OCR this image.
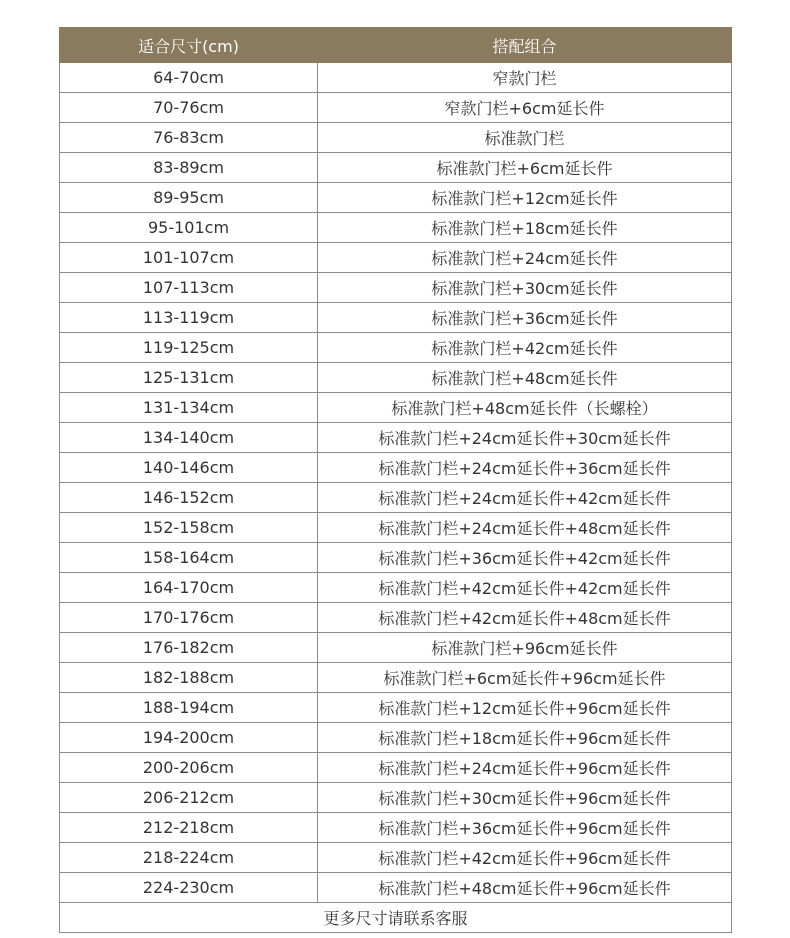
适合尺寸(cm)	搭配组合
64-70cm	窄款门栏
70-76cm	窄款门栏+6cm延长件
76-83cm	标准款门栏
83-89cm	标准款门栏+6cm延长件
89-95cm	标准款门栏+12cm延长件
95-101cm	标准款门栏+18cm延长件
101-107cm	标准款门栏+24cm延长件
107-113cm	标准款门栏+30cm延长件
113-119cm	标准款门栏+36cm延长件
119-125cm	标准款门栏+42cm延长件
125-131cm	标准款门栏+48cm延长件
131-134cm	标准款门栏+48cm延长件（长螺栓）
134-140cm	标准款门栏+24cm延长件+30cm延长件
140-146cm	标准款门栏+24cm延长件+36cm延长件
146-152cm	标准款门栏+24cm延长件+42cm延长件
152-158cm	标准款门栏+24cm延长件+48cm延长件
158-164cm	标准款门栏+36cm延长件+42cm延长件
164-170cm	标准款门栏+42cm延长件+42cm延长件
170-176cm	标准款门栏+42cm延长件+48cm延长件
176-182cm	标准款门栏+96cm延长件
182-188cm	标准款门栏+6cm延长件+96cm延长件
188-194cm	标准款门栏+12cm延长件+96cm延长件
194-200cm	标准款门栏+18cm延长件+96cm延长件
200-206cm	标准款门栏+24cm延长件+96cm延长件
206-212cm	标准款门栏+30cm延长件+96cm延长件
212-218cm	标准款门栏+36cm延长件+96cm延长件
218-224cm	标准款门栏+42cm延长件+96cm延长件
224-230cm	标准款门栏+48cm延长件+96cm延长件
更多尺寸请联系客服	
